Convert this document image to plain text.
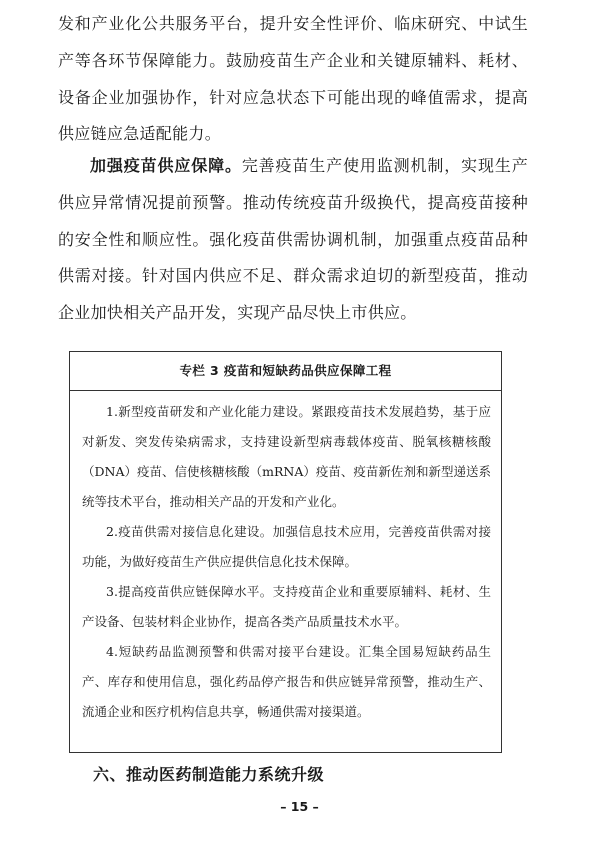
发和产业化公共服务平台，提升安全性评价、临床研究、中试生产等各环节保障能力。鼓励疫苗生产企业和关键原辅料、耗材、设备企业加强协作，针对应急状态下可能出现的峰值需求，提高供应链应急适配能力。

加强疫苗供应保障。完善疫苗生产使用监测机制，实现生产供应异常情况提前预警。推动传统疫苗升级换代，提高疫苗接种的安全性和顺应性。强化疫苗供需协调机制，加强重点疫苗品种供需对接。针对国内供应不足、群众需求迫切的新型疫苗，推动企业加快相关产品开发，实现产品尽快上市供应。

专栏 3 疫苗和短缺药品供应保障工程

1.新型疫苗研发和产业化能力建设。紧跟疫苗技术发展趋势，基于应对新发、突发传染病需求，支持建设新型病毒载体疫苗、脱氧核糖核酸（DNA）疫苗、信使核糖核酸（mRNA）疫苗、疫苗新佐剂和新型递送系统等技术平台，推动相关产品的开发和产业化。

2.疫苗供需对接信息化建设。加强信息技术应用，完善疫苗供需对接功能，为做好疫苗生产供应提供信息化技术保障。

3.提高疫苗供应链保障水平。支持疫苗企业和重要原辅料、耗材、生产设备、包装材料企业协作，提高各类产品质量技术水平。

4.短缺药品监测预警和供需对接平台建设。汇集全国易短缺药品生产、库存和使用信息，强化药品停产报告和供应链异常预警，推动生产、流通企业和医疗机构信息共享，畅通供需对接渠道。

六、推动医药制造能力系统升级
– 15 –
